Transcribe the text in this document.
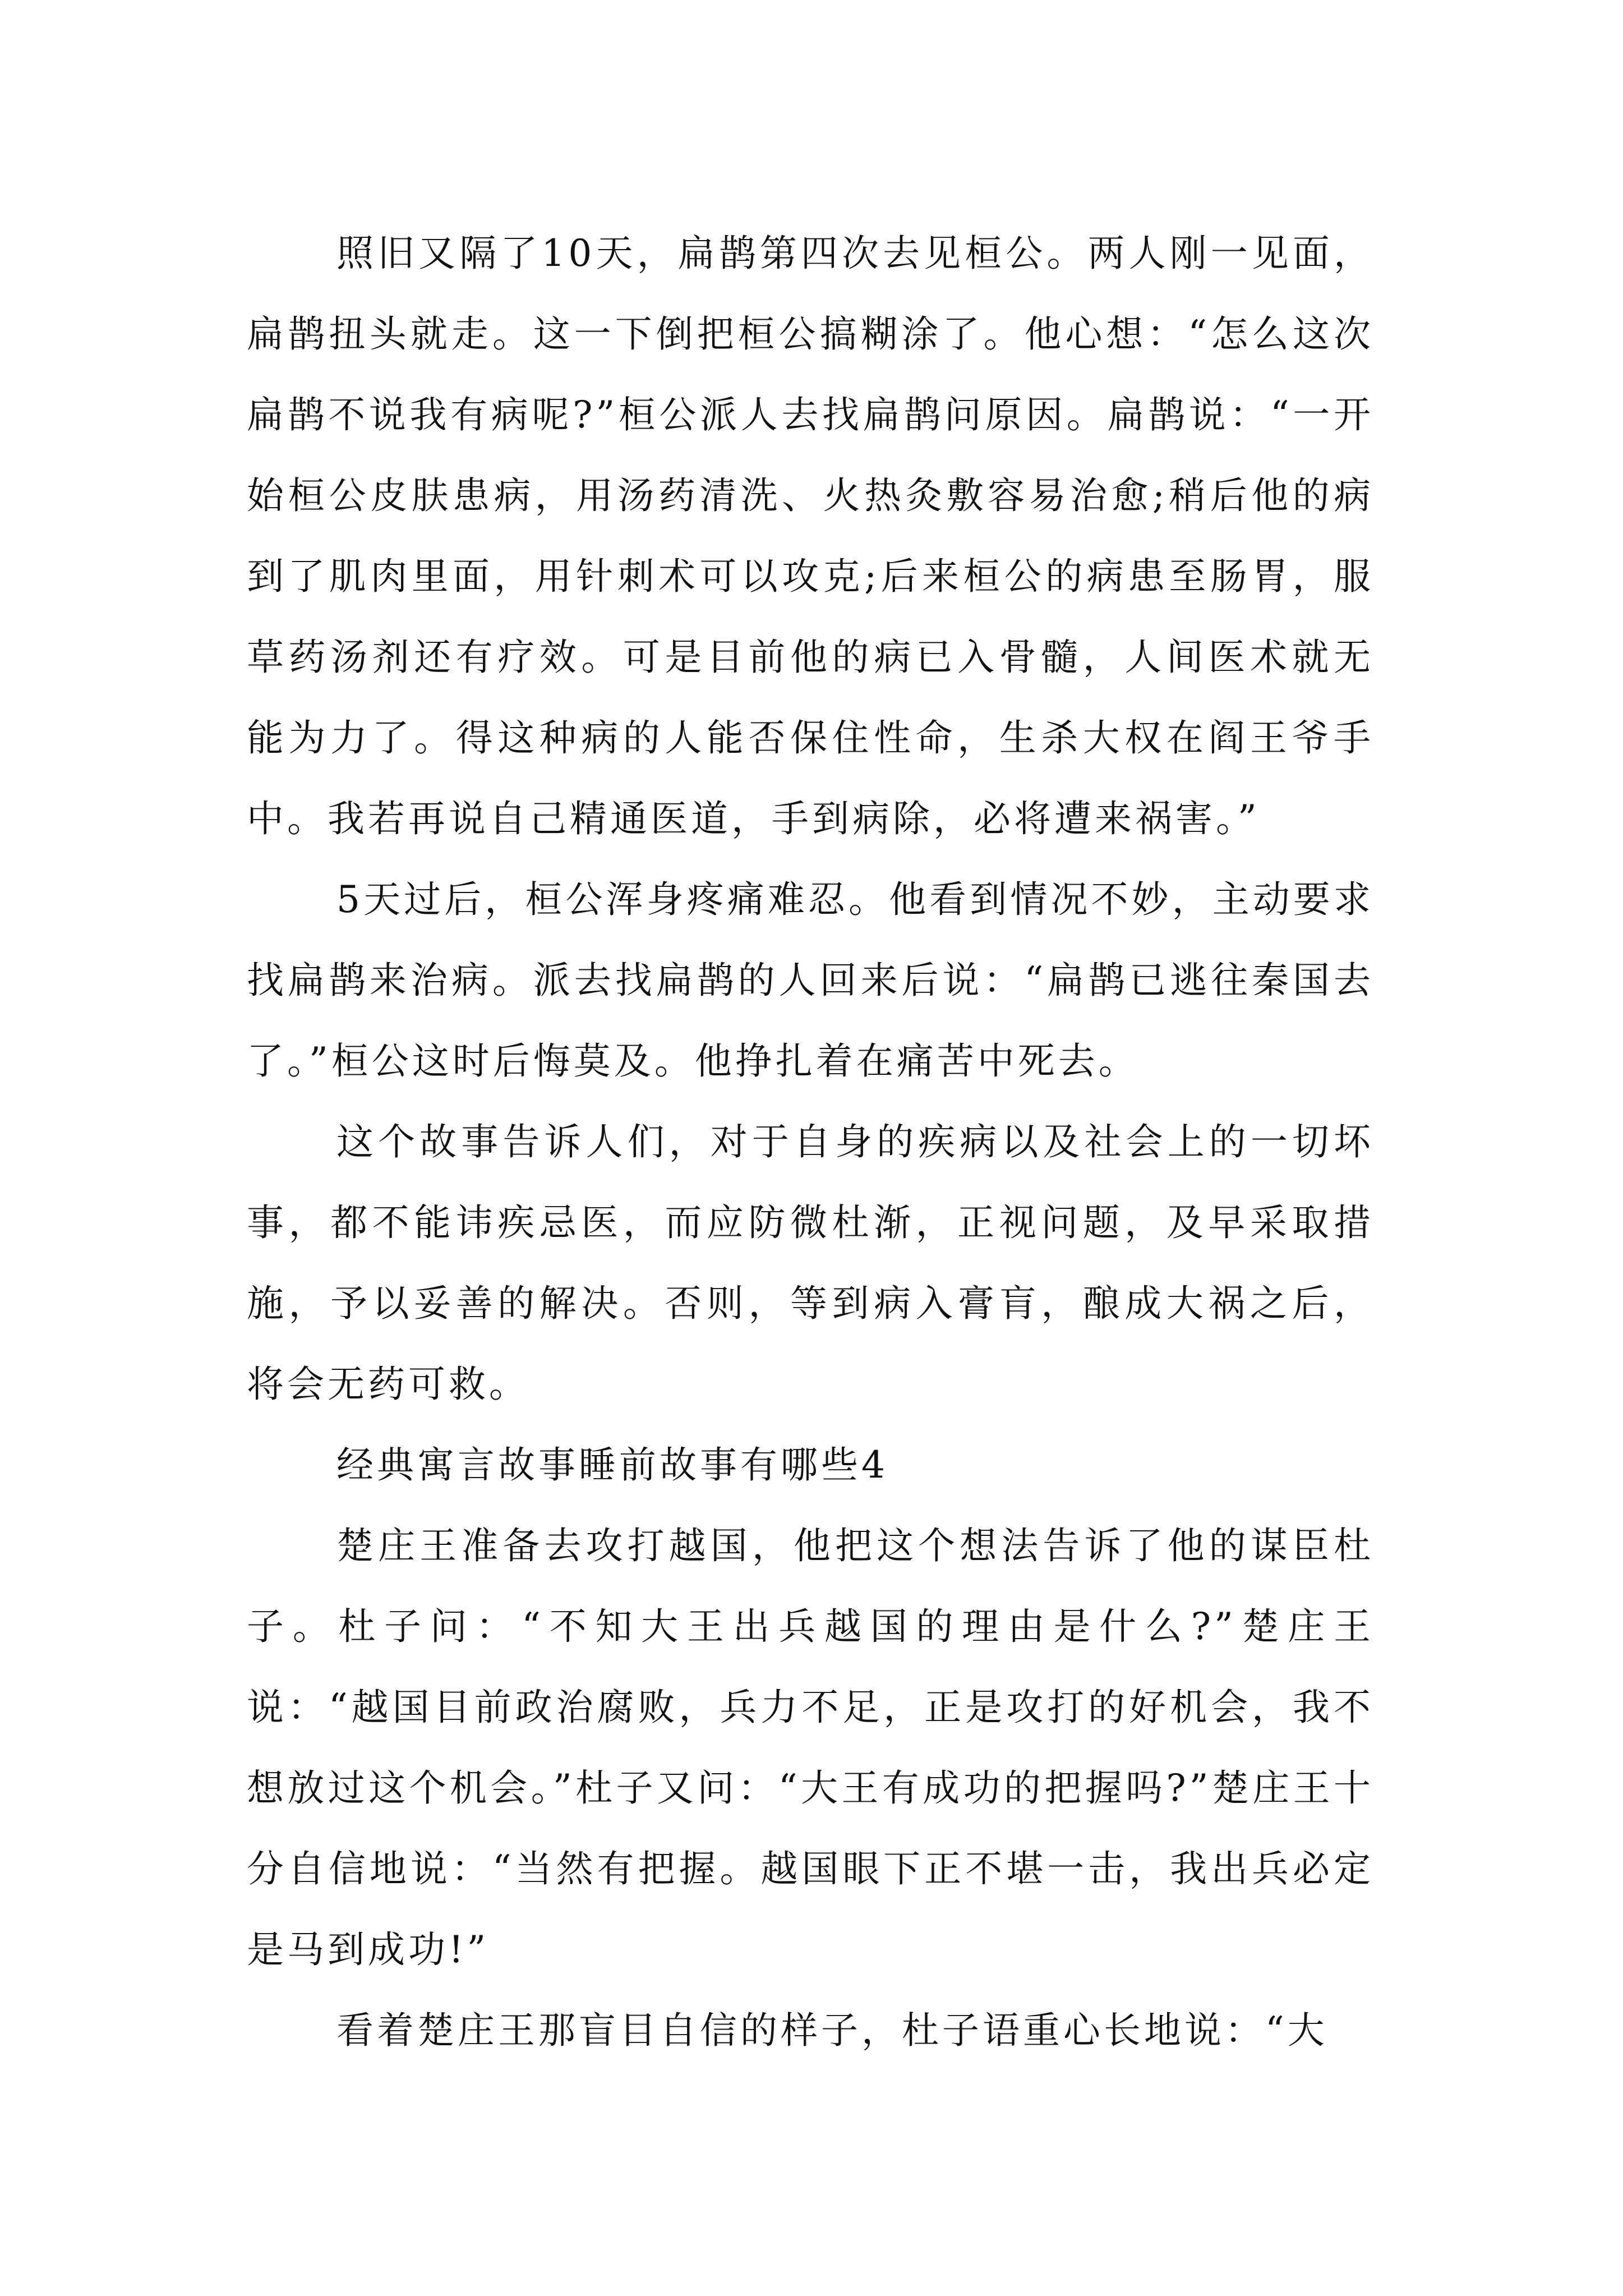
照旧又隔了10天，扁鹊第四次去见桓公。两人刚一见面，扁鹊扭头就走。这一下倒把桓公搞糊涂了。他心想：“怎么这次扁鹊不说我有病呢?”桓公派人去找扁鹊问原因。扁鹊说：“一开始桓公皮肤患病，用汤药清洗、火热灸敷容易治愈;稍后他的病到了肌肉里面，用针刺术可以攻克;后来桓公的病患至肠胃，服草药汤剂还有疗效。可是目前他的病已入骨髓，人间医术就无能为力了。得这种病的人能否保住性命，生杀大权在阎王爷手中。我若再说自己精通医道，手到病除，必将遭来祸害。”

5天过后，桓公浑身疼痛难忍。他看到情况不妙，主动要求找扁鹊来治病。派去找扁鹊的人回来后说：“扁鹊已逃往秦国去了。”桓公这时后悔莫及。他挣扎着在痛苦中死去。

这个故事告诉人们，对于自身的疾病以及社会上的一切坏事，都不能讳疾忌医，而应防微杜渐，正视问题，及早采取措施，予以妥善的解决。否则，等到病入膏肓，酿成大祸之后，将会无药可救。

经典寓言故事睡前故事有哪些4

楚庄王准备去攻打越国，他把这个想法告诉了他的谋臣杜子。杜子问：“不知大王出兵越国的理由是什么?”楚庄王说：“越国目前政治腐败，兵力不足，正是攻打的好机会，我不想放过这个机会。”杜子又问：“大王有成功的把握吗?”楚庄王十分自信地说：“当然有把握。越国眼下正不堪一击，我出兵必定是马到成功!”

看着楚庄王那盲目自信的样子，杜子语重心长地说：“大
